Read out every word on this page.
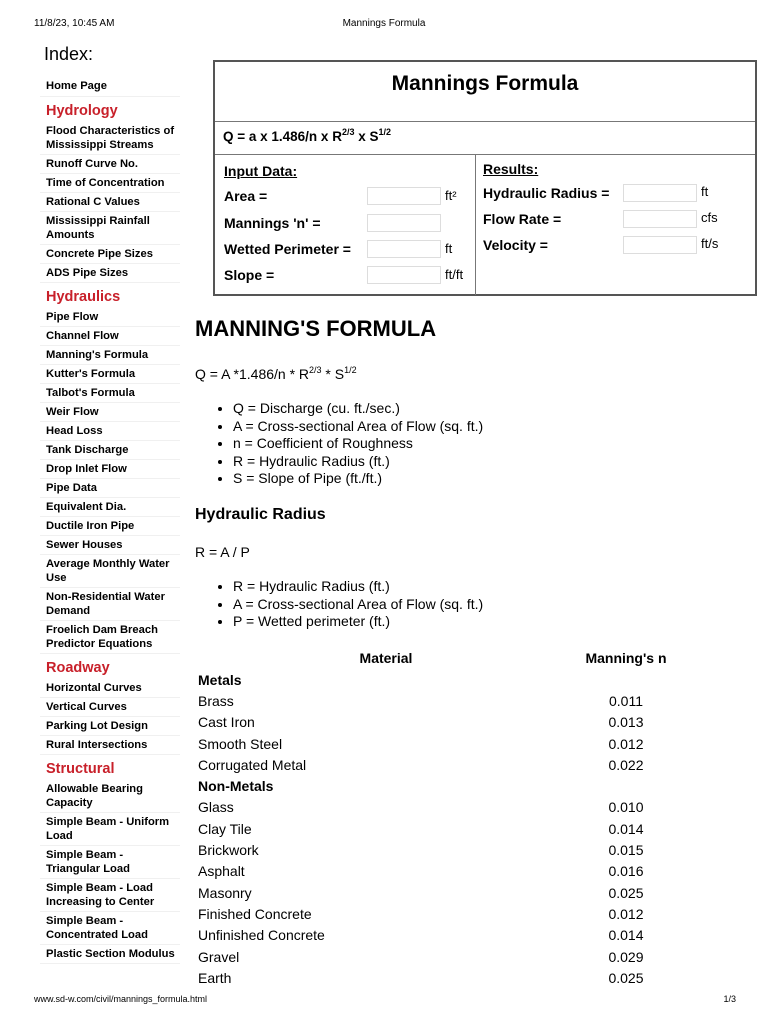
11/8/23, 10:45 AM	Mannings Formula
Index:
Home Page
Hydrology
Flood Characteristics of Mississippi Streams
Runoff Curve No.
Time of Concentration
Rational C Values
Mississippi Rainfall Amounts
Concrete Pipe Sizes
ADS Pipe Sizes
Hydraulics
Pipe Flow
Channel Flow
Manning's Formula
Kutter's Formula
Talbot's Formula
Weir Flow
Head Loss
Tank Discharge
Drop Inlet Flow
Pipe Data
Equivalent Dia.
Ductile Iron Pipe
Sewer Houses
Average Monthly Water Use
Non-Residential Water Demand
Froelich Dam Breach Predictor Equations
Roadway
Horizontal Curves
Vertical Curves
Parking Lot Design
Rural Intersections
Structural
Allowable Bearing Capacity
Simple Beam - Uniform Load
Simple Beam - Triangular Load
Simple Beam - Load Increasing to Center
Simple Beam - Concentrated Load
Plastic Section Modulus
Mannings Formula
Q = a x 1.486/n x $R^{2/3}$ x $S^{1/2}$
Input Data:
Area =	ft²
Mannings 'n' =
Wetted Perimeter =	ft
Slope =	ft/ft
Results:
Hydraulic Radius =	ft
Flow Rate =	cfs
Velocity =	ft/s
MANNING'S FORMULA
Q = A $*1.486/n * R^{2/3} * S^{1/2}$
• Q = Discharge (cu. ft./sec.)
• A = Cross-sectional Area of Flow (sq. ft.)
• n = Coefficient of Roughness
• R = Hydraulic Radius (ft.)
• S = Slope of Pipe (ft./ft.)
Hydraulic Radius
R = A / P
• R = Hydraulic Radius (ft.)
• A = Cross-sectional Area of Flow (sq. ft.)
• P = Wetted perimeter (ft.)
Material	Manning's n
Metals	
Brass	0.011
Cast Iron	0.013
Smooth Steel	0.012
Corrugated Metal	0.022
Non-Metals	
Glass	0.010
Clay Tile	0.014
Brickwork	0.015
Asphalt	0.016
Masonry	0.025
Finished Concrete	0.012
Unfinished Concrete	0.014
Gravel	0.029
Earth	0.025
www.sd-w.com/civil/mannings_formula.html	1/3
